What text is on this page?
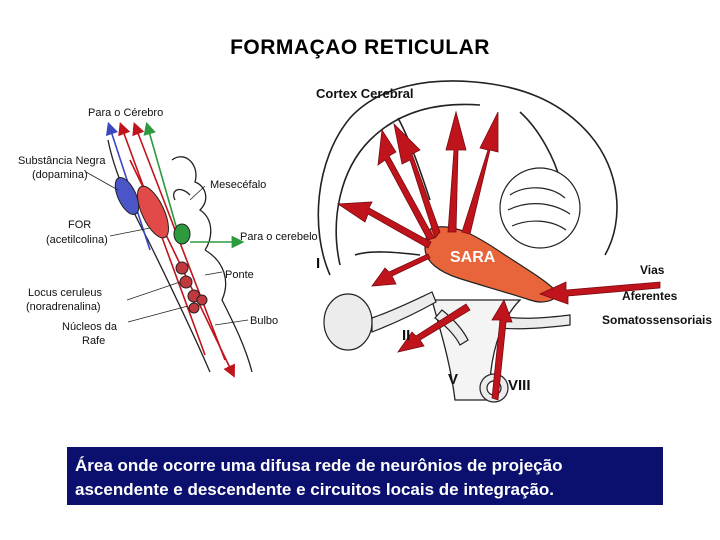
FORMAÇAO RETICULAR
Para o Cérebro
Substância Negra
(dopamina)
Mesecéfalo
FOR
(acetilcolina)	Para o cerebelo
Ponte
Locus ceruleus
(noradrenalina)
Bulbo
Núcleos da
Rafe
SARA
Cortex Cerebral
Vias
Aferentes
Somatossensoriais
I
II
V	VIII
Área onde ocorre uma difusa rede de neurônios de projeção
ascendente e descendente e circuitos locais de integração.
